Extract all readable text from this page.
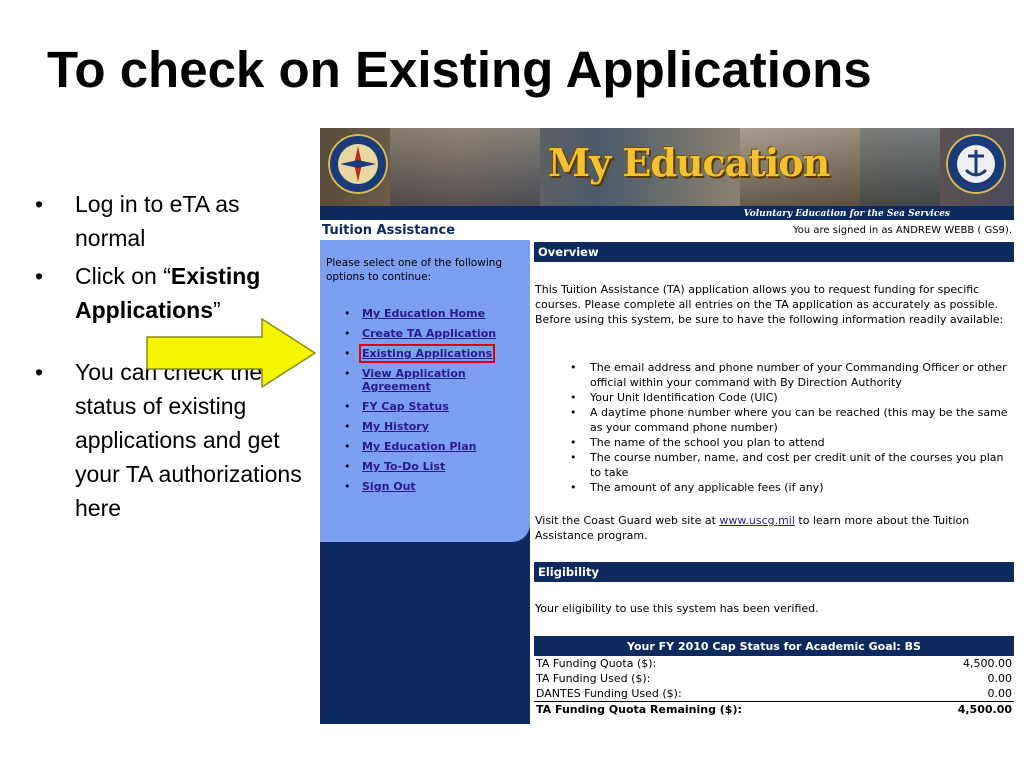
To check on Existing Applications
• Log in to eTA as normal
• Click on “Existing Applications”
• You can check the status of existing applications and get your TA authorizations here
My Education
Voluntary Education for the Sea Services
Tuition Assistance	You are signed in as ANDREW WEBB ( GS9).
Please select one of the following options to continue:
• My Education Home
• Create TA Application
• Existing Applications
• View Application Agreement
• FY Cap Status
• My History
• My Education Plan
• My To-Do List
• Sign Out
Overview
This Tuition Assistance (TA) application allows you to request funding for specific courses. Please complete all entries on the TA application as accurately as possible. Before using this system, be sure to have the following information readily available:
• The email address and phone number of your Commanding Officer or other official within your command with By Direction Authority
• Your Unit Identification Code (UIC)
• A daytime phone number where you can be reached (this may be the same as your command phone number)
• The name of the school you plan to attend
• The course number, name, and cost per credit unit of the courses you plan to take
• The amount of any applicable fees (if any)
Visit the Coast Guard web site at www.uscg.mil to learn more about the Tuition Assistance program.
Eligibility
Your eligibility to use this system has been verified.
Your FY 2010 Cap Status for Academic Goal: BS	
TA Funding Quota ($):	4,500.00
TA Funding Used ($):	0.00
DANTES Funding Used ($):	0.00
TA Funding Quota Remaining ($):	4,500.00
